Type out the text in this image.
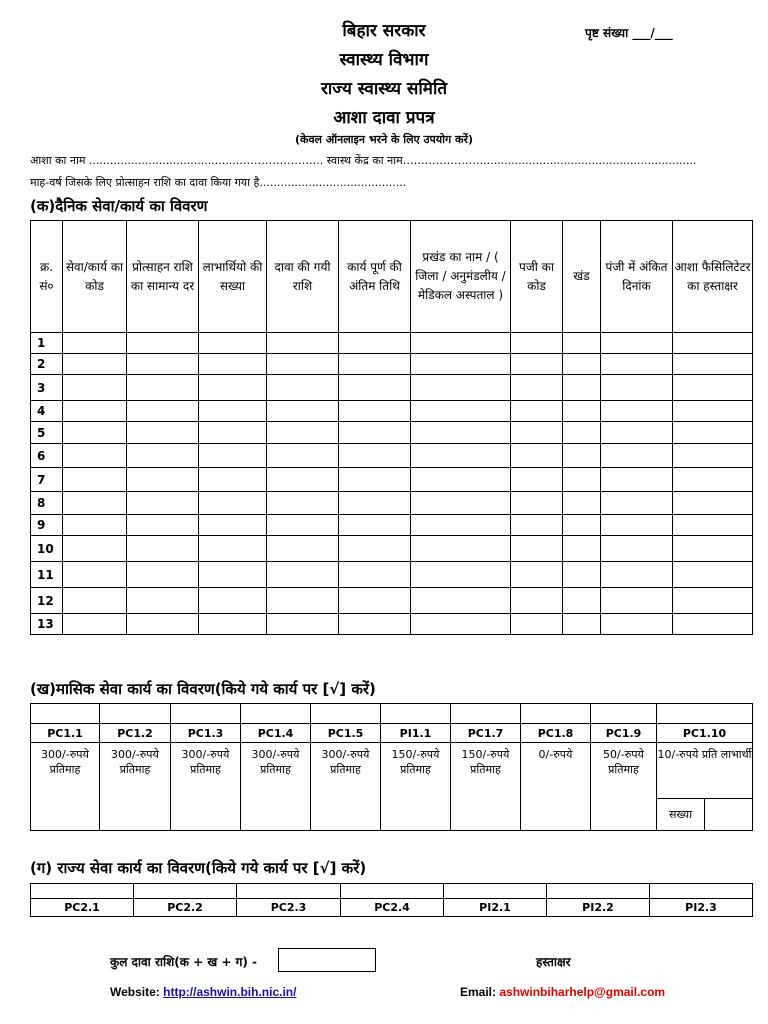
बिहार सरकार
स्वास्थ्य विभाग
राज्य स्वास्थ्य समिति
आशा दावा प्रपत्र
(केवल ऑनलाइन भरने के लिए उपयोग करें)
पृष्ट संख्या ___/___
आशा का नाम ...........................................………………….. स्वास्थ केंद्र का नाम…………………..............................................................
माह-वर्ष जिसके लिए प्रोत्साहन राशि का दावा किया गया है..........................................
(क)दैनिक सेवा/कार्य का विवरण
क्र. सं०	सेवा/कार्य का कोड	प्रोत्साहन राशि का सामान्य दर	लाभार्थियो की सख्या	दावा की गयी राशि	कार्य पूर्ण की अंतिम तिथि	प्रखंड का नाम / ( जिला / अनुमंडलीय / मेडिकल अस्पताल )	पजी का कोड	खंड	पंजी में अंकित दिनांक	आशा फैसिलिटेटर का हस्ताक्षर
1										
2										
3										
4										
5										
6										
7										
8										
9										
10										
11										
12										
13										
(ख)मासिक सेवा कार्य का विवरण(किये गये कार्य पर [√] करें)

PC1.1	PC1.2	PC1.3	PC1.4	PC1.5	PI1.1	PC1.7	PC1.8	PC1.9	PC1.10	
300/-रुपये प्रतिमाह	300/-रुपये प्रतिमाह	300/-रुपये प्रतिमाह	300/-रुपये प्रतिमाह	300/-रुपये प्रतिमाह	150/-रुपये प्रतिमाह	150/-रुपये प्रतिमाह	0/-रुपये	50/-रुपये प्रतिमाह	10/-रुपये प्रति लाभार्थी	
									सख्या	
(ग) राज्य सेवा कार्य का विवरण(किये गये कार्य पर [√] करें)

PC2.1	PC2.2	PC2.3	PC2.4	PI2.1	PI2.2	PI2.3
कुल दावा राशि(क + ख + ग) -	हस्ताक्षर
Website: http://ashwin.bih.nic.in/	Email: ashwinbiharhelp@gmail.com
